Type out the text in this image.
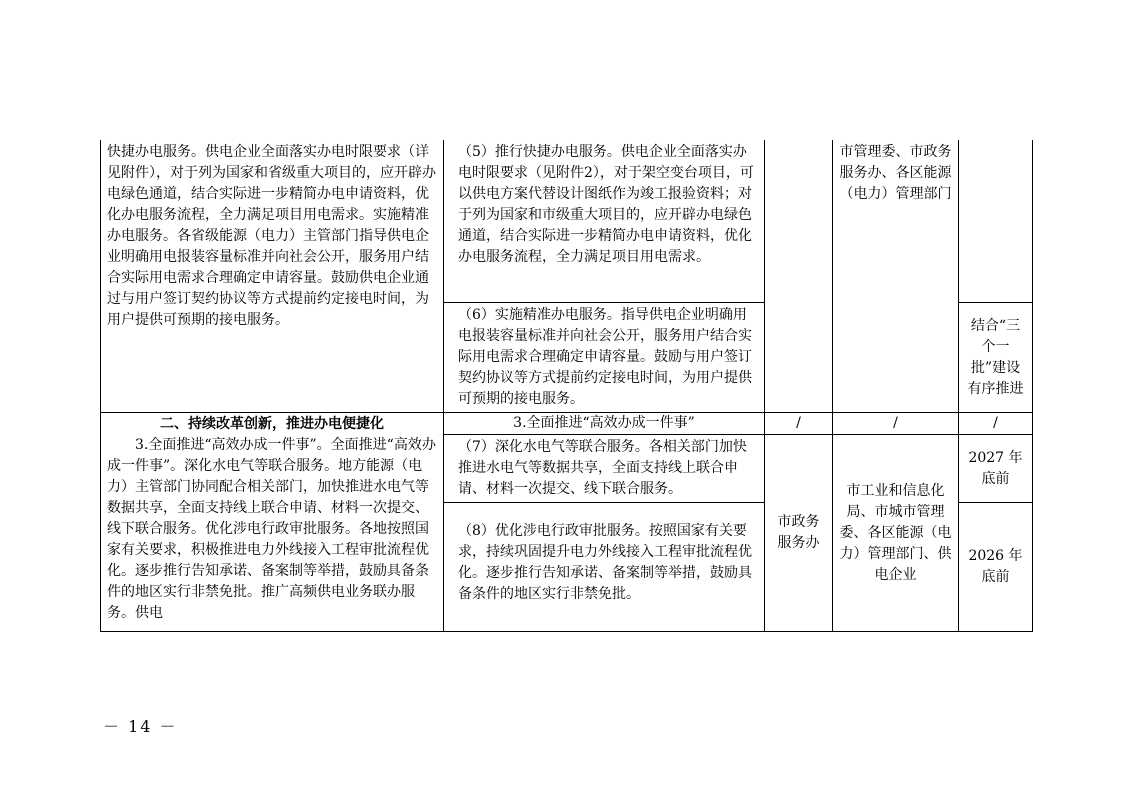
快捷办电服务。供电企业全面落实办电时限要求（详见附件），对于列为国家和省级重大项目的，应开辟办电绿色通道，结合实际进一步精简办电申请资料，优化办电服务流程，全力满足项目用电需求。实施精准办电服务。各省级能源（电力）主管部门指导供电企业明确用电报装容量标准并向社会公开，服务用户结合实际用电需求合理确定申请容量。鼓励供电企业通过与用户签订契约协议等方式提前约定接电时间，为用户提供可预期的接电服务。	（5）推行快捷办电服务。供电企业全面落实办电时限要求（见附件2），对于架空变台项目，可以供电方案代替设计图纸作为竣工报验资料；对于列为国家和市级重大项目的，应开辟办电绿色通道，结合实际进一步精简办电申请资料，优化办电服务流程，全力满足项目用电需求。		市管理委、市政务服务办、各区能源（电力）管理部门	

	（6）实施精准办电服务。指导供电企业明确用电报装容量标准并向社会公开，服务用户结合实际用电需求合理确定申请容量。鼓励与用户签订契约协议等方式提前约定接电时间，为用户提供可预期的接电服务。			结合“三个一批”建设有序推进

二、持续改革创新，推进办电便捷化
3.全面推进“高效办成一件事”。全面推进“高效办成一件事”。深化水电气等联合服务。地方能源（电力）主管部门协同配合相关部门，加快推进水电气等数据共享，全面支持线上联合申请、材料一次提交、线下联合服务。优化涉电行政审批服务。各地按照国家有关要求，积极推进电力外线接入工程审批流程优化。逐步推行告知承诺、备案制等举措，鼓励具备条件的地区实行非禁免批。推广高频供电业务联办服务。供电	3.全面推进“高效办成一件事”	/	/	/

	（7）深化水电气等联合服务。各相关部门加快推进水电气等数据共享，全面支持线上联合申请、材料一次提交、线下联合服务。	市政务服务办	市工业和信息化局、市城市管理委、各区能源（电力）管理部门、供电企业	2027 年底前

	（8）优化涉电行政审批服务。按照国家有关要求，持续巩固提升电力外线接入工程审批流程优化。逐步推行告知承诺、备案制等举措，鼓励具备条件的地区实行非禁免批。			2026 年底前
－ 14 －
